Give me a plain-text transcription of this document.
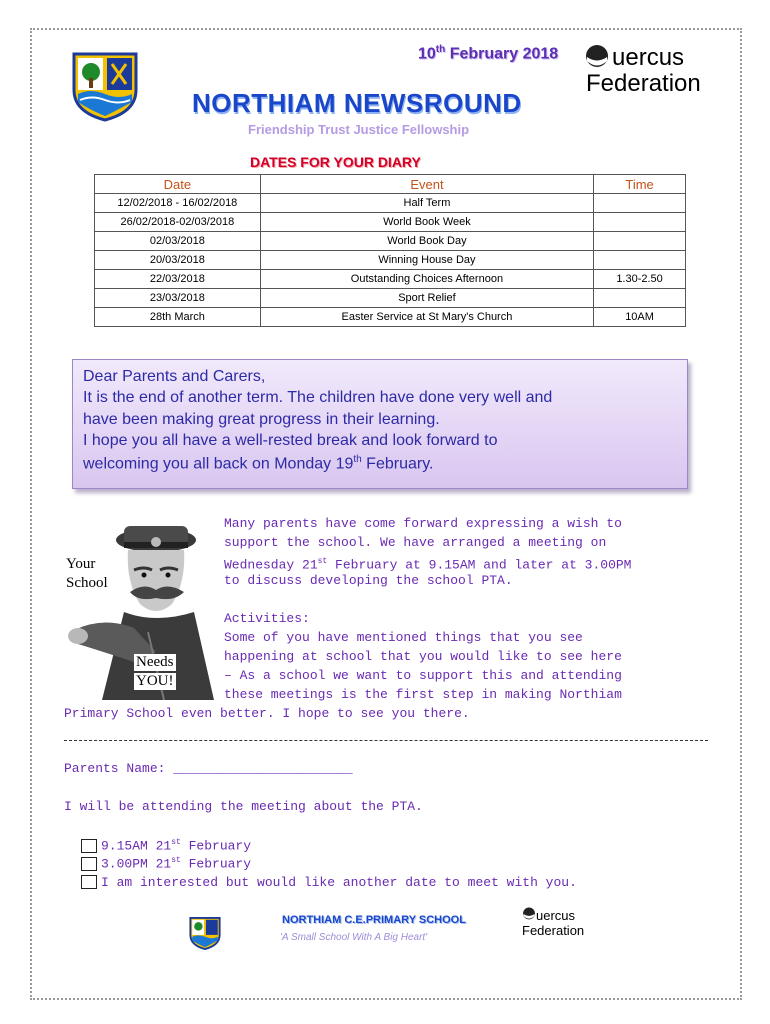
10th February 2018 uercus
Federation
NORTHIAM NEWSROUND
Friendship Trust Justice Fellowship
DATES FOR YOUR DIARY
Date	Event	Time
12/02/2018 - 16/02/2018	Half Term	
26/02/2018-02/03/2018	World Book Week	
02/03/2018	World Book Day	
20/03/2018	Winning House Day	
22/03/2018	Outstanding Choices Afternoon	1.30-2.50
23/03/2018	Sport Relief	
28th March	Easter Service at St Mary's Church	10AM
Dear Parents and Carers,
It is the end of another term. The children have done very well and
have been making great progress in their learning.
I hope you all have a well-rested break and look forward to
welcoming you all back on Monday 19th February.
Your
School
Needs
YOU!
Many parents have come forward expressing a wish to
support the school. We have arranged a meeting on
Wednesday 21st February at 9.15AM and later at 3.00PM
to discuss developing the school PTA.
Activities:
Some of you have mentioned things that you see
happening at school that you would like to see here
– As a school we want to support this and attending
these meetings is the first step in making Northiam
Primary School even better. I hope to see you there.
Parents Name: _______________________
I will be attending the meeting about the PTA.
9.15AM 21st February
3.00PM 21st February
I am interested but would like another date to meet with you.
NORTHIAM C.E.PRIMARY SCHOOL
'A Small School With A Big Heart'
uercus
Federation
